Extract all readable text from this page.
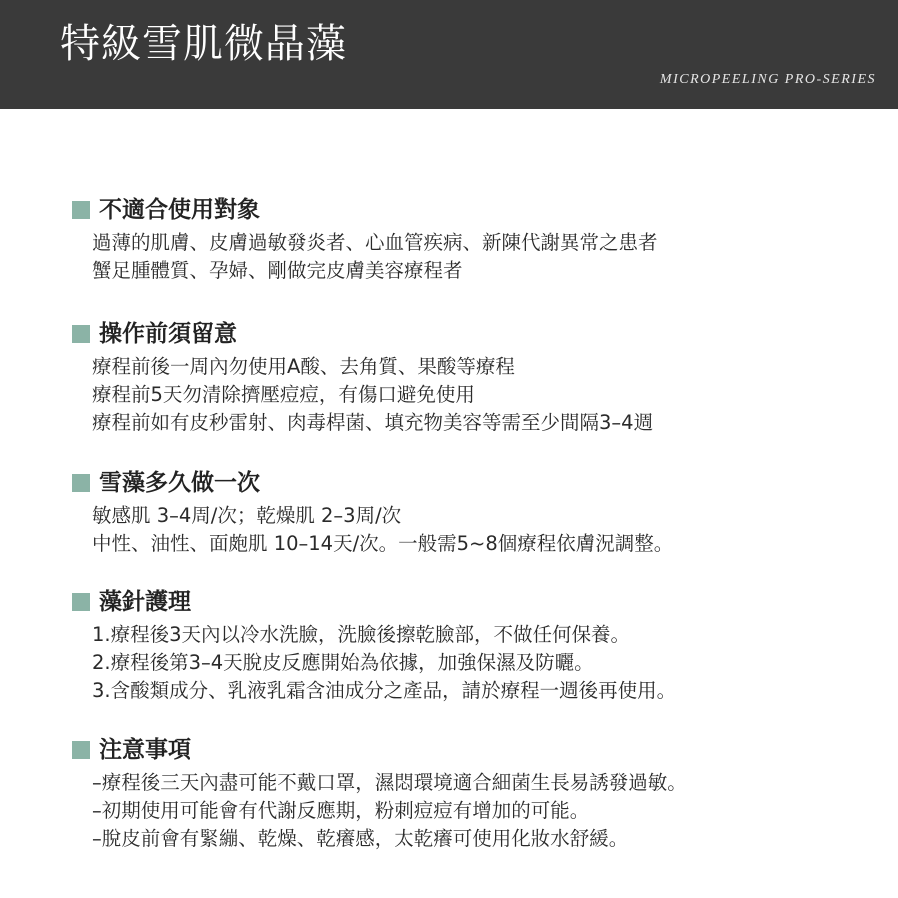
特級雪肌微晶藻
MICROPEELING PRO-SERIES
不適合使用對象
過薄的肌膚、皮膚過敏發炎者、心血管疾病、新陳代謝異常之患者
蟹足腫體質、孕婦、剛做完皮膚美容療程者
操作前須留意
療程前後一周內勿使用A酸、去角質、果酸等療程
療程前5天勿清除擠壓痘痘，有傷口避免使用
療程前如有皮秒雷射、肉毒桿菌、填充物美容等需至少間隔3–4週
雪藻多久做一次
敏感肌 3–4周/次；乾燥肌 2–3周/次
中性、油性、面皰肌 10–14天/次。一般需5~8個療程依膚況調整。
藻針護理
1.療程後3天內以冷水洗臉，洗臉後擦乾臉部，不做任何保養。
2.療程後第3–4天脫皮反應開始為依據，加強保濕及防曬。
3.含酸類成分、乳液乳霜含油成分之產品，請於療程一週後再使用。
注意事項
–療程後三天內盡可能不戴口罩，濕悶環境適合細菌生長易誘發過敏。
–初期使用可能會有代謝反應期，粉刺痘痘有增加的可能。
–脫皮前會有緊繃、乾燥、乾癢感，太乾癢可使用化妝水舒緩。
